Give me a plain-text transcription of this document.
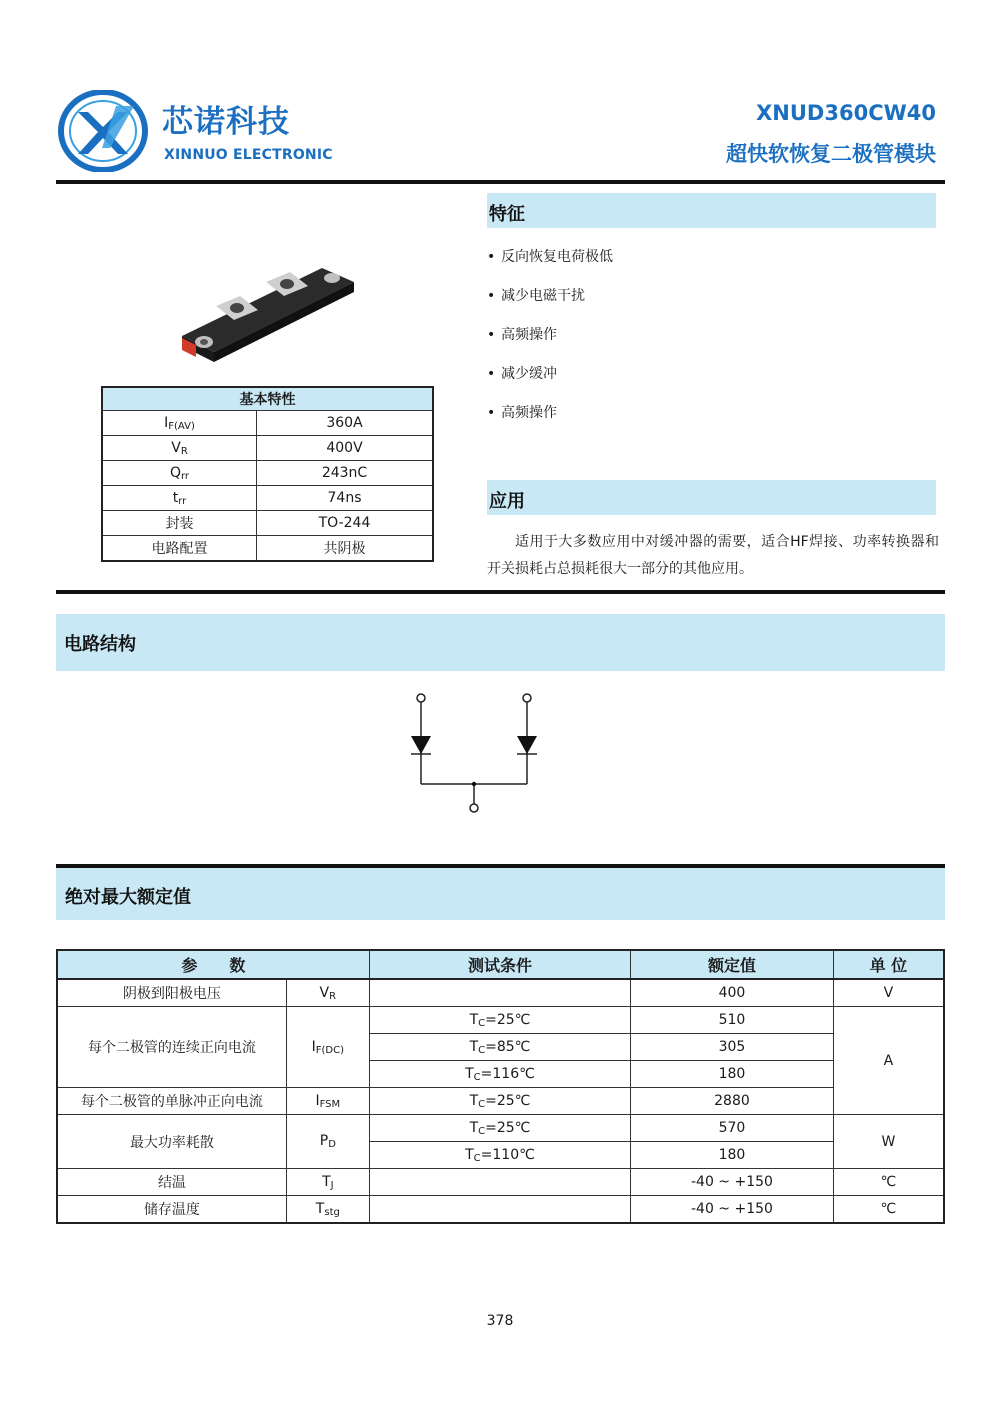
芯诺科技
XINNUO ELECTRONIC
XNUD360CW40
超快软恢复二极管模块
基本特性	
$I_{F(AV)}$	360A
$V_R$	400V
$Q_{rr}$	243nC
$t_{rr}$	74ns
封装	TO-244
电路配置	共阴极
特征
• 反向恢复电荷极低
• 减少电磁干扰
• 高频操作
• 减少缓冲
• 高频操作
应用
适用于大多数应用中对缓冲器的需要，适合HF焊接、功率转换器和开关损耗占总损耗很大一部分的其他应用。
电路结构
绝对最大额定值
参　　数		测试条件	额定值	单 位
阴极到阳极电压	$V_R$		400	V
每个二极管的连续正向电流	$I_{F(DC)}$	$T_C=25℃$	510	A
		$T_C=85℃$	305	
		$T_C=116℃$	180	
每个二极管的单脉冲正向电流	$I_{FSM}$	$T_C=25℃$	2880	
最大功率耗散	$P_D$	$T_C=25℃$	570	W
		$T_C=110℃$	180	
结温	$T_J$		-40 ~ +150	℃
储存温度	$T_{stg}$		-40 ~ +150	℃
378
